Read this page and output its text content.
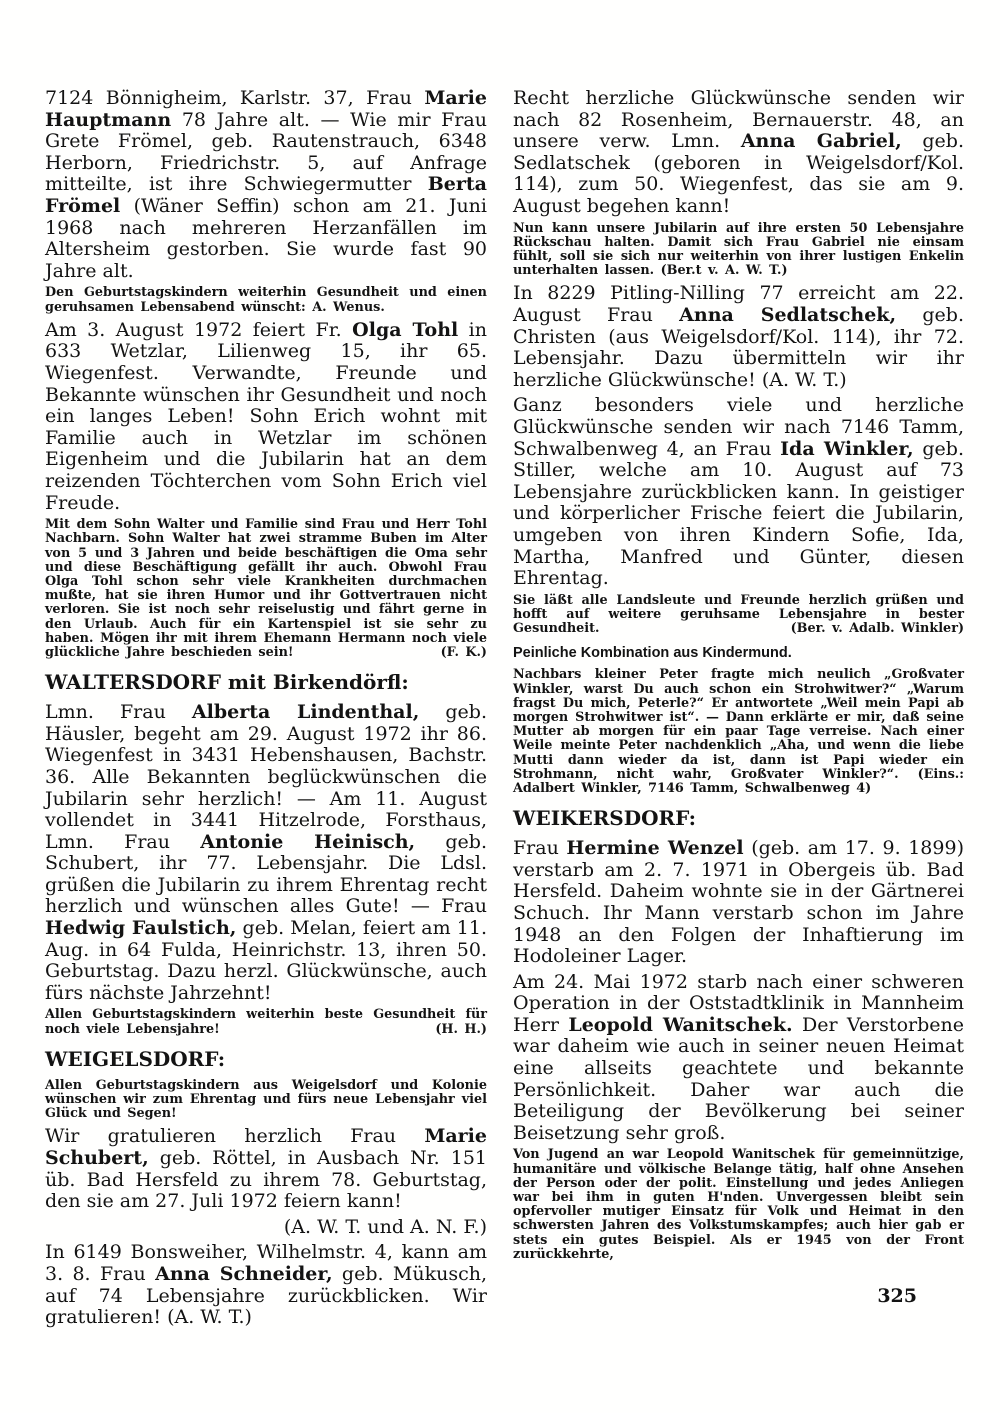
7124 Bönnigheim, Karlstr. 37, Frau Marie Hauptmann 78 Jahre alt. — Wie mir Frau Grete Frömel, geb. Rautenstrauch, 6348 Herborn, Friedrichstr. 5, auf Anfrage mitteilte, ist ihre Schwiegermutter Berta Frömel (Wäner Seffin) schon am 21. Juni 1968 nach mehreren Herzanfällen im Altersheim gestorben. Sie wurde fast 90 Jahre alt.

Den Geburtstagskindern weiterhin Gesundheit und einen geruhsamen Lebensabend wünscht: A. Wenus.

Am 3. August 1972 feiert Fr. Olga Tohl in 633 Wetzlar, Lilienweg 15, ihr 65. Wiegenfest. Verwandte, Freunde und Bekannte wünschen ihr Gesundheit und noch ein langes Leben! Sohn Erich wohnt mit Familie auch in Wetzlar im schönen Eigenheim und die Jubilarin hat an dem reizenden Töchterchen vom Sohn Erich viel Freude.

Mit dem Sohn Walter und Familie sind Frau und Herr Tohl Nachbarn. Sohn Walter hat zwei stramme Buben im Alter von 5 und 3 Jahren und beide beschäftigen die Oma sehr und diese Beschäftigung gefällt ihr auch. Obwohl Frau Olga Tohl schon sehr viele Krankheiten durchmachen mußte, hat sie ihren Humor und ihr Gottvertrauen nicht verloren. Sie ist noch sehr reiselustig und fährt gerne in den Urlaub. Auch für ein Kartenspiel ist sie sehr zu haben. Mögen ihr mit ihrem Ehemann Hermann noch viele glückliche Jahre beschieden sein!	(F. K.)

WALTERSDORF mit Birkendörfl:

Lmn. Frau Alberta Lindenthal, geb. Häusler, begeht am 29. August 1972 ihr 86. Wiegenfest in 3431 Hebenshausen, Bachstr. 36. Alle Bekannten beglückwünschen die Jubilarin sehr herzlich! — Am 11. August vollendet in 3441 Hitzelrode, Forsthaus, Lmn. Frau Antonie Heinisch, geb. Schubert, ihr 77. Lebensjahr. Die Ldsl. grüßen die Jubilarin zu ihrem Ehrentag recht herzlich und wünschen alles Gute! — Frau Hedwig Faulstich, geb. Melan, feiert am 11. Aug. in 64 Fulda, Heinrichstr. 13, ihren 50. Geburtstag. Dazu herzl. Glückwünsche, auch fürs nächste Jahrzehnt!

Allen Geburtstagskindern weiterhin beste Gesundheit für noch viele Lebensjahre!	(H. H.)

WEIGELSDORF:

Allen Geburtstagskindern aus Weigelsdorf und Kolonie wünschen wir zum Ehrentag und fürs neue Lebensjahr viel Glück und Segen!

Wir gratulieren herzlich Frau Marie Schubert, geb. Röttel, in Ausbach Nr. 151 üb. Bad Hersfeld zu ihrem 78. Geburtstag, den sie am 27. Juli 1972 feiern kann!

(A. W. T. und A. N. F.)

In 6149 Bonsweiher, Wilhelmstr. 4, kann am 3. 8. Frau Anna Schneider, geb. Mükusch, auf 74 Lebensjahre zurückblicken. Wir gratulieren! (A. W. T.)

Recht herzliche Glückwünsche senden wir nach 82 Rosenheim, Bernauerstr. 48, an unsere verw. Lmn. Anna Gabriel, geb. Sedlatschek (geboren in Weigelsdorf/Kol. 114), zum 50. Wiegenfest, das sie am 9. August begehen kann!

Nun kann unsere Jubilarin auf ihre ersten 50 Lebensjahre Rückschau halten. Damit sich Frau Gabriel nie einsam fühlt, soll sie sich nur weiterhin von ihrer lustigen Enkelin unterhalten lassen. (Ber.t v. A. W. T.)

In 8229 Pitling-Nilling 77 erreicht am 22. August Frau Anna Sedlatschek, geb. Christen (aus Weigelsdorf/Kol. 114), ihr 72. Lebensjahr. Dazu übermitteln wir ihr herzliche Glückwünsche! (A. W. T.)

Ganz besonders viele und herzliche Glückwünsche senden wir nach 7146 Tamm, Schwalbenweg 4, an Frau Ida Winkler, geb. Stiller, welche am 10. August auf 73 Lebensjahre zurückblicken kann. In geistiger und körperlicher Frische feiert die Jubilarin, umgeben von ihren Kindern Sofie, Ida, Martha, Manfred und Günter, diesen Ehrentag.

Sie läßt alle Landsleute und Freunde herzlich grüßen und hofft auf weitere geruhsame Lebensjahre in bester Gesundheit.	(Ber. v. Adalb. Winkler)

Peinliche Kombination aus Kindermund.

Nachbars kleiner Peter fragte mich neulich „Großvater Winkler, warst Du auch schon ein Strohwitwer?“ „Warum fragst Du mich, Peterle?“ Er antwortete „Weil mein Papi ab morgen Strohwitwer ist“. — Dann erklärte er mir, daß seine Mutter ab morgen für ein paar Tage verreise. Nach einer Weile meinte Peter nachdenklich „Aha, und wenn die liebe Mutti dann wieder da ist, dann ist Papi wieder ein Strohmann, nicht wahr, Großvater Winkler?“. (Eins.: Adalbert Winkler, 7146 Tamm, Schwalbenweg 4)

WEIKERSDORF:

Frau Hermine Wenzel (geb. am 17. 9. 1899) verstarb am 2. 7. 1971 in Obergeis üb. Bad Hersfeld. Daheim wohnte sie in der Gärtnerei Schuch. Ihr Mann verstarb schon im Jahre 1948 an den Folgen der Inhaftierung im Hodoleiner Lager.

Am 24. Mai 1972 starb nach einer schweren Operation in der Oststadtklinik in Mannheim Herr Leopold Wanitschek. Der Verstorbene war daheim wie auch in seiner neuen Heimat eine allseits geachtete und bekannte Persönlichkeit. Daher war auch die Beteiligung der Bevölkerung bei seiner Beisetzung sehr groß.

Von Jugend an war Leopold Wanitschek für gemeinnützige, humanitäre und völkische Belange tätig, half ohne Ansehen der Person oder der polit. Einstellung und jedes Anliegen war bei ihm in guten H'nden. Unvergessen bleibt sein opfervoller mutiger Einsatz für Volk und Heimat in den schwersten Jahren des Volkstumskampfes; auch hier gab er stets ein gutes Beispiel. Als er 1945 von der Front zurückkehrte,

325
